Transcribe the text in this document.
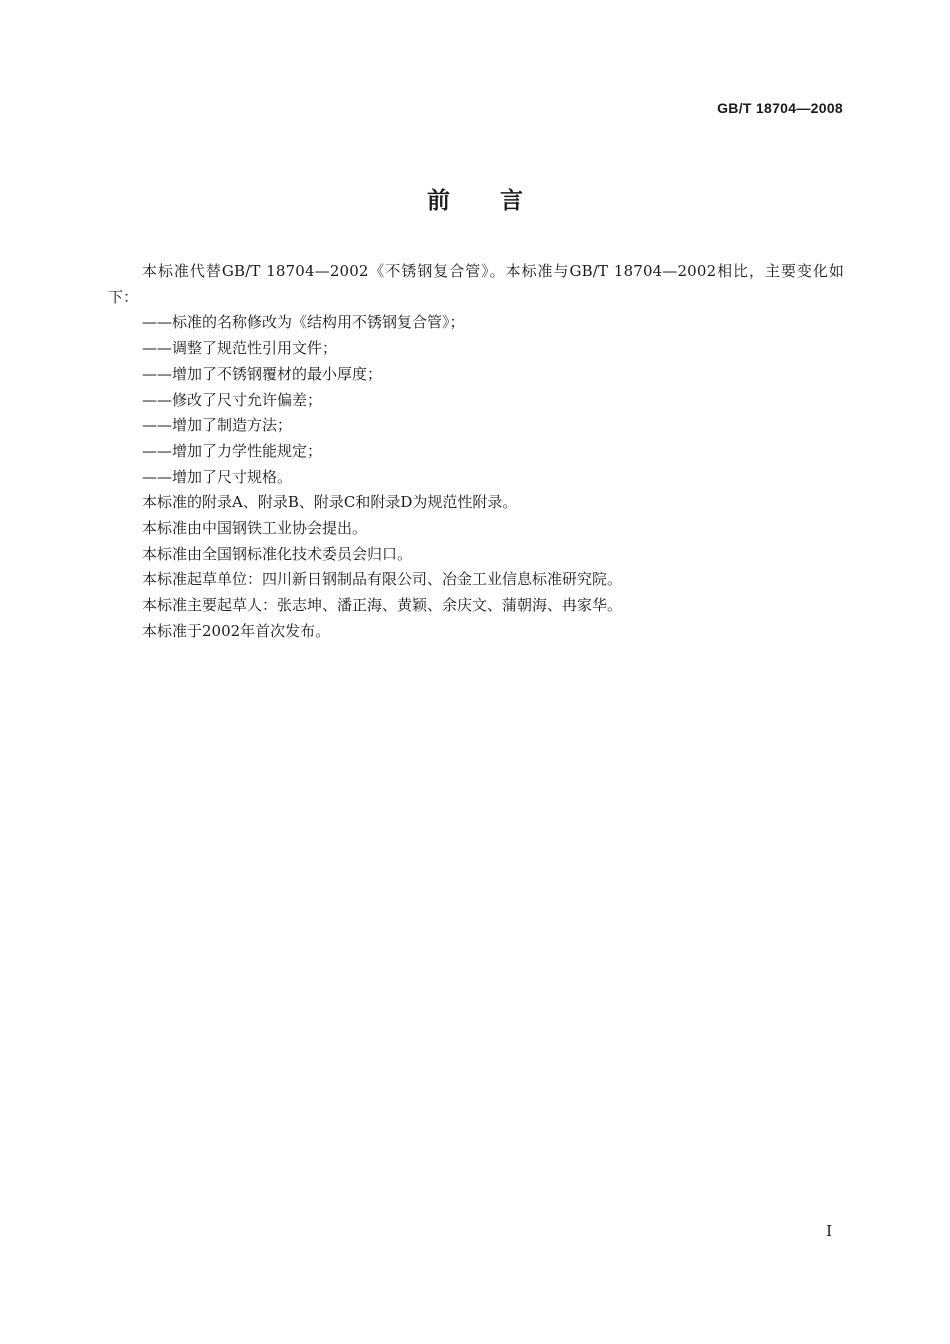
GB/T 18704—2008
前 言

本标准代替GB/T 18704—2002《不锈钢复合管》。本标准与GB/T 18704—2002相比，主要变化如下：

——标准的名称修改为《结构用不锈钢复合管》；

——调整了规范性引用文件；

——增加了不锈钢覆材的最小厚度；

——修改了尺寸允许偏差；

——增加了制造方法；

——增加了力学性能规定；

——增加了尺寸规格。

本标准的附录A、附录B、附录C和附录D为规范性附录。

本标准由中国钢铁工业协会提出。

本标准由全国钢标准化技术委员会归口。

本标准起草单位：四川新日钢制品有限公司、冶金工业信息标准研究院。

本标准主要起草人：张志坤、潘正海、黄颖、余庆文、蒲朝海、冉家华。

本标准于2002年首次发布。

I
